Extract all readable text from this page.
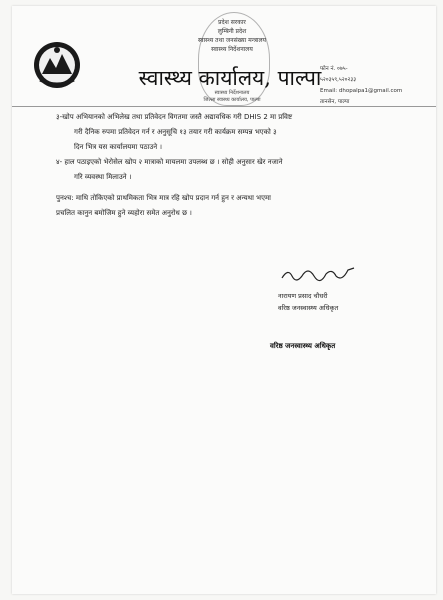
प्रदेश सरकार
लुम्बिनी प्रदेश
स्वास्थ्य तथा जनसंख्या मन्त्रालय
स्वास्थ्य निर्देशनालय
स्वास्थ्य कार्यालय, पाल्पा
स्वास्थ्य निर्देशनालय
जिल्ला स्वास्थ्य कार्यालय, पाल्पा
फोन नं. ०७५-
५२०३५९,५२०२३३
Email: dhopalpa1@gmail.com
तानसेन, पाल्पा

३-खोप अभियानको अभिलेख तथा प्रतिवेदन विगतमा जस्तै अद्यावधिक गरी DHIS 2 मा प्रविष्ट

गरी दैनिक रुपमा प्रतिवेदन गर्न र अनुसूचि १३ तयार गरी कार्यक्रम सम्पन्न भएको ३

दिन भित्र यस कार्यालयमा पठाउने ।

४- हाल पठाइएको भेरोसेल खोप २ मात्राको मायलमा उपलब्ध छ । सोही अनुसार खेर नजाने

गरि व्यवस्था मिलाउने ।

पुनश्च: माथि तोकिएको प्राथमिकता भित्र मात्र रहि खोप प्रदान गर्न हुन र अन्यथा भएमा

प्रचलित कानुन बमोजिम हुने व्यहोरा समेत अनुरोध छ ।

नारायण प्रसाद चौधरी
वरिष्ठ जनस्वास्थ्य अधिकृत
वरिष्ठ जनस्वास्थ्य अधिकृत
